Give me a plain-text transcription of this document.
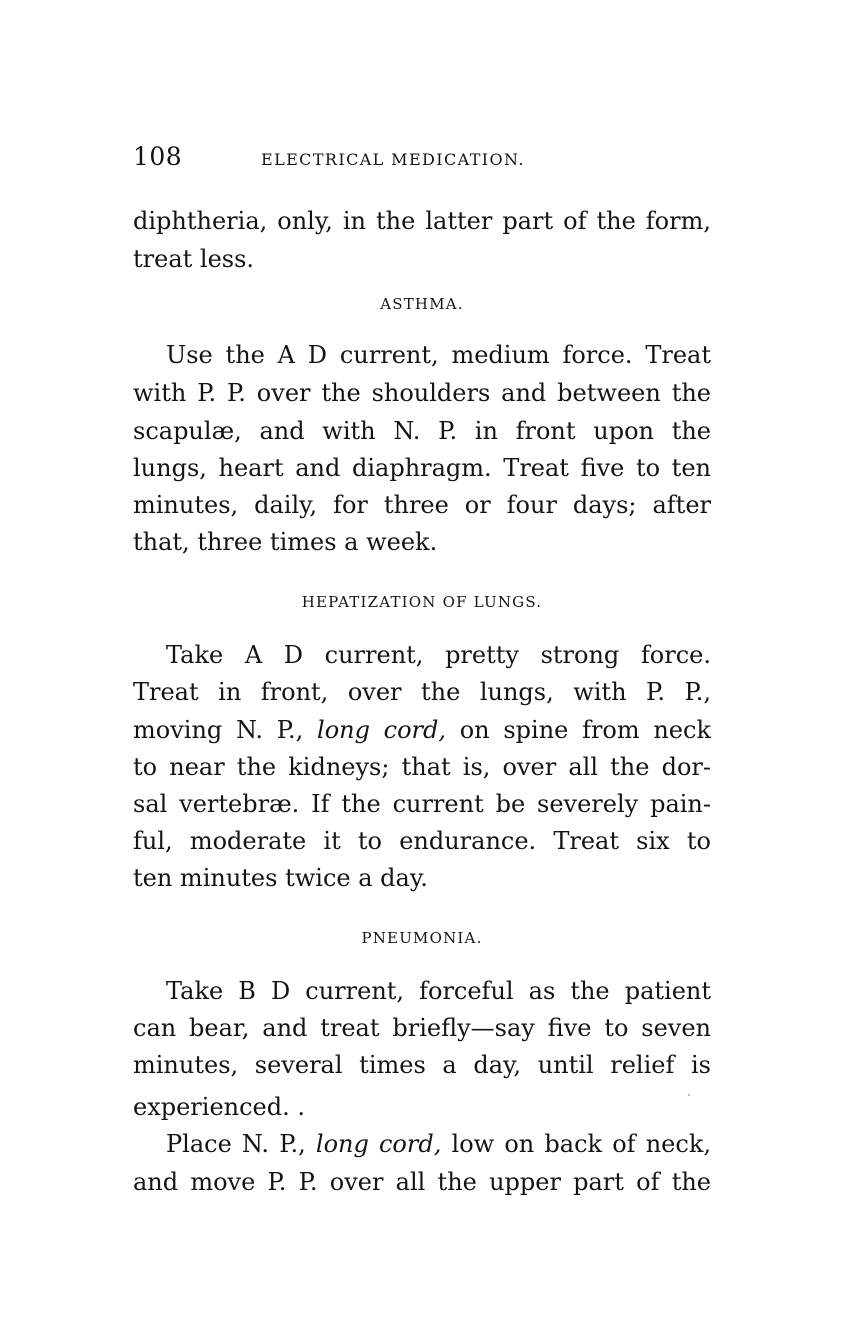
108	ELECTRICAL MEDICATION.
diphtheria, only, in the latter part of the form,
treat less.
ASTHMA.
Use the A D current, medium force. Treat
with P. P. over the shoulders and between the
scapulæ, and with N. P. in front upon the
lungs, heart and diaphragm. Treat five to ten
minutes, daily, for three or four days; after
that, three times a week.
HEPATIZATION OF LUNGS.
Take A D current, pretty strong force.
Treat in front, over the lungs, with P. P.,
moving N. P., long cord, on spine from neck
to near the kidneys; that is, over all the dor-
sal vertebræ. If the current be severely pain-
ful, moderate it to endurance. Treat six to
ten minutes twice a day.
PNEUMONIA.
Take B D current, forceful as the patient
can bear, and treat briefly—say five to seven
minutes, several times a day, until relief is
experienced. .
Place N. P., long cord, low on back of neck,
and move P. P. over all the upper part of the
